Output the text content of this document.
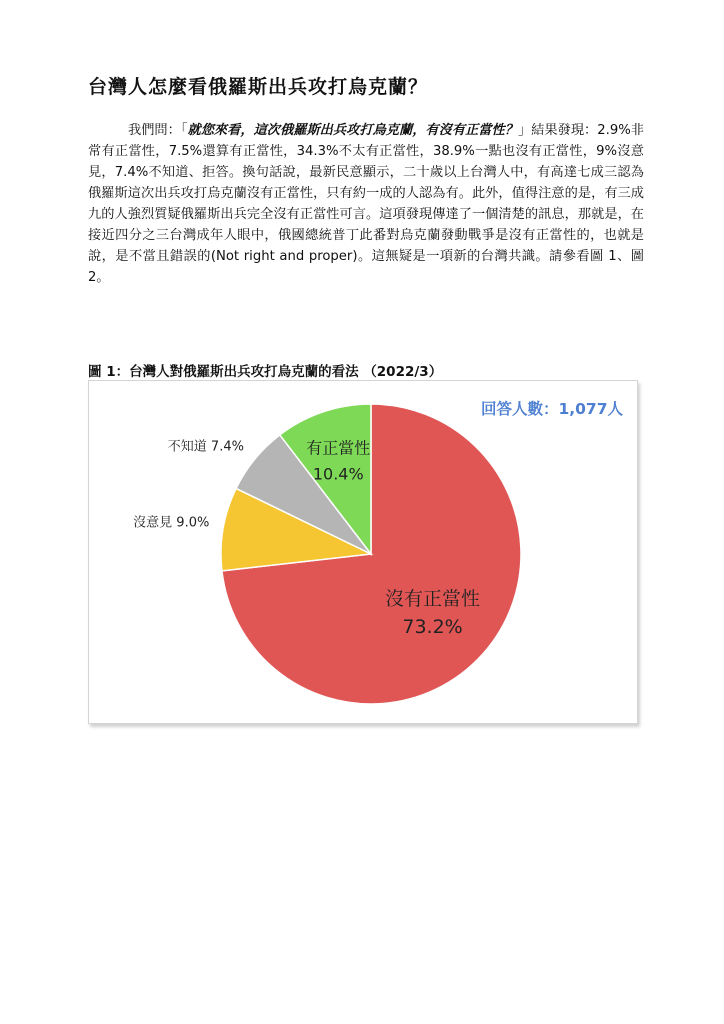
台灣人怎麼看俄羅斯出兵攻打烏克蘭？

我們問：「就您來看，這次俄羅斯出兵攻打烏克蘭，有沒有正當性？」結果發現：2.9%非常有正當性，7.5%還算有正當性，34.3%不太有正當性，38.9%一點也沒有正當性，9%沒意見，7.4%不知道、拒答。換句話說，最新民意顯示，二十歲以上台灣人中，有高達七成三認為俄羅斯這次出兵攻打烏克蘭沒有正當性，只有約一成的人認為有。此外，值得注意的是，有三成九的人強烈質疑俄羅斯出兵完全沒有正當性可言。這項發現傳達了一個清楚的訊息，那就是，在接近四分之三台灣成年人眼中，俄國總統普丁此番對烏克蘭發動戰爭是沒有正當性的，也就是說，是不當且錯誤的(Not right and proper)。這無疑是一項新的台灣共識。請參看圖 1、圖 2。

圖 1：台灣人對俄羅斯出兵攻打烏克蘭的看法 （2022/3）

沒有正當性
73.2%
沒意見 9.0%
不知道 7.4%	有正當性
10.4%
回答人數：1,077人
